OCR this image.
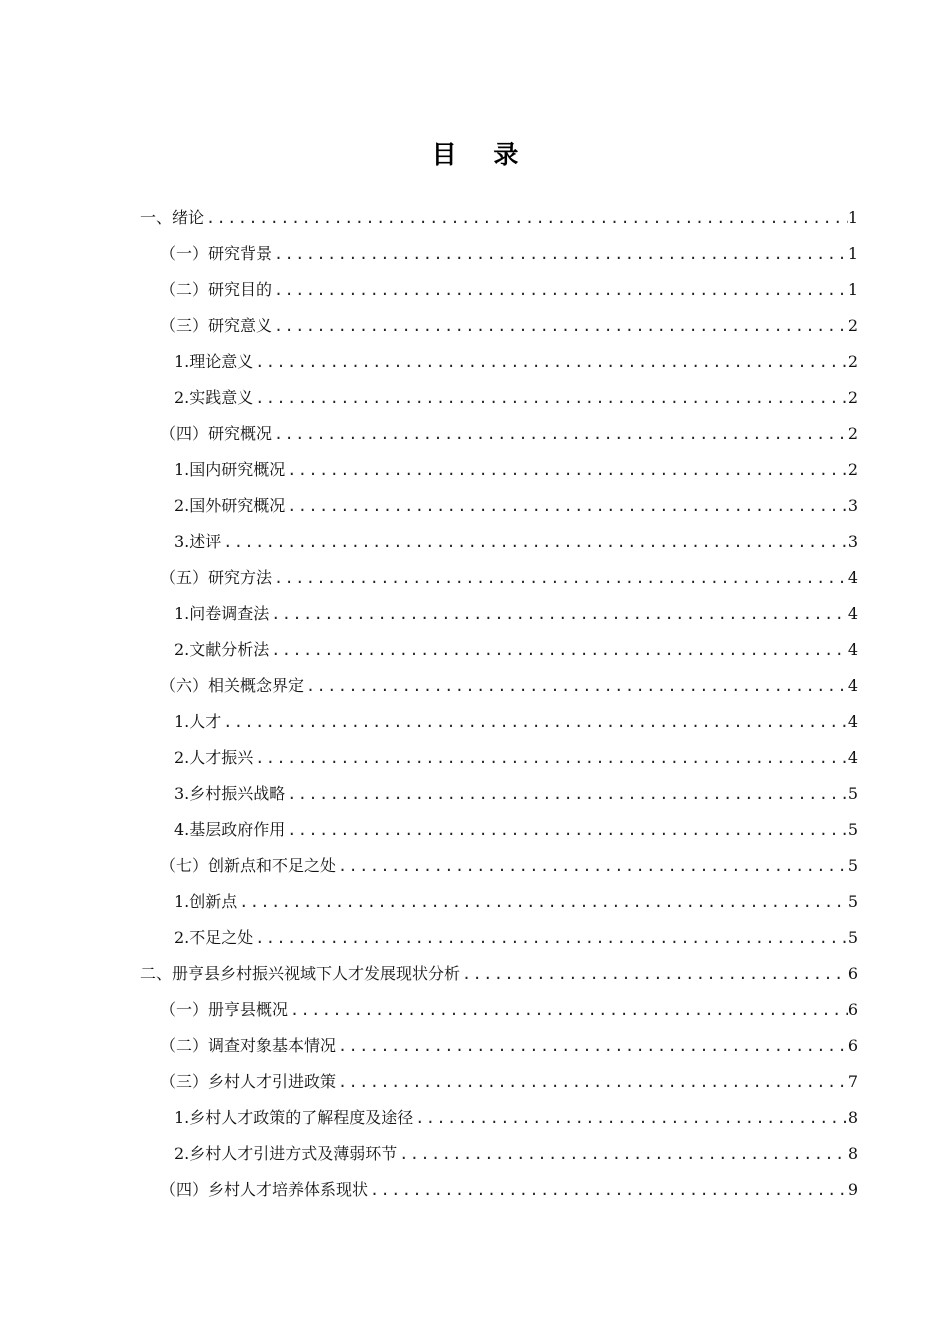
目 录
一、绪论 .....	1
（一）研究背景 .....	1
（二）研究目的 .....	1
（三）研究意义 .....	2
1.理论意义 .....	2
2.实践意义 .....	2
（四）研究概况 .....	2
1.国内研究概况 .....	2
2.国外研究概况 .....	3
3.述评 .....	3
（五）研究方法 .....	4
1.问卷调查法 .....	4
2.文献分析法 .....	4
（六）相关概念界定 .....	4
1.人才 .....	4
2.人才振兴 .....	4
3.乡村振兴战略 .....	5
4.基层政府作用 .....	5
（七）创新点和不足之处 .....	5
1.创新点 .....	5
2.不足之处 .....	5
二、册亨县乡村振兴视域下人才发展现状分析 .....	6
（一）册亨县概况 .....	6
（二）调查对象基本情况 .....	6
（三）乡村人才引进政策 .....	7
1.乡村人才政策的了解程度及途径 .....	8
2.乡村人才引进方式及薄弱环节 .....	8
（四）乡村人才培养体系现状 .....	9
